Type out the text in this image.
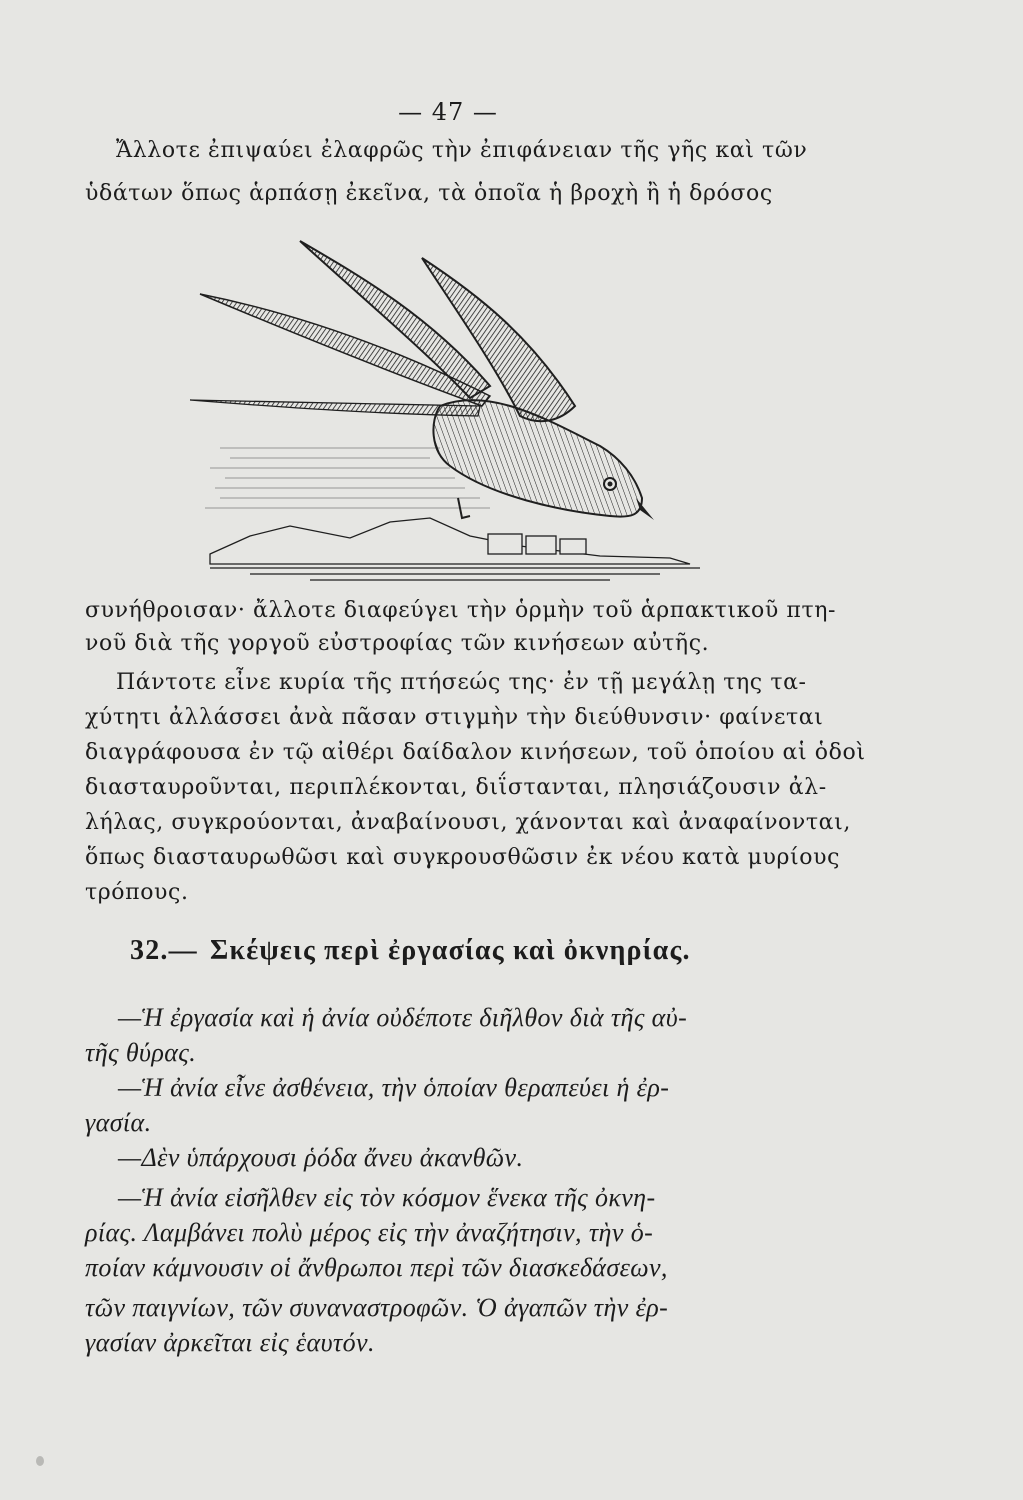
— 47 —
Ἄλλοτε ἐπιψαύει ἐλαφρῶς τὴν ἐπιφάνειαν τῆς γῆς καὶ τῶν
ὑδάτων ὅπως ἁρπάσῃ ἐκεῖνα, τὰ ὁποῖα ἡ βροχὴ ἢ ἡ δρόσος
συνήθροισαν· ἄλλοτε διαφεύγει τὴν ὁρμὴν τοῦ ἁρπακτικοῦ πτη-
νοῦ διὰ τῆς γοργοῦ εὐστροφίας τῶν κινήσεων αὐτῆς.
Πάντοτε εἶνε κυρία τῆς πτήσεώς της· ἐν τῇ μεγάλῃ της τα-
χύτητι ἀλλάσσει ἀνὰ πᾶσαν στιγμὴν τὴν διεύθυνσιν· φαίνεται
διαγράφουσα ἐν τῷ αἰθέρι δαίδαλον κινήσεων, τοῦ ὁποίου αἱ ὁδοὶ
διασταυροῦνται, περιπλέκονται, διΐστανται, πλησιάζουσιν ἀλ-
λήλας, συγκρούονται, ἀναβαίνουσι, χάνονται καὶ ἀναφαίνονται,
ὅπως διασταυρωθῶσι καὶ συγκρουσθῶσιν ἐκ νέου κατὰ μυρίους
τρόπους.
32.— Σκέψεις περὶ ἐργασίας καὶ ὀκνηρίας.
—Ἡ ἐργασία καὶ ἡ ἀνία οὐδέποτε διῆλθον διὰ τῆς αὐ-
τῆς θύρας.
—Ἡ ἀνία εἶνε ἀσθένεια, τὴν ὁποίαν θεραπεύει ἡ ἐρ-
γασία.
—Δὲν ὑπάρχουσι ῥόδα ἄνευ ἀκανθῶν.
—Ἡ ἀνία εἰσῆλθεν εἰς τὸν κόσμον ἕνεκα τῆς ὀκνη-
ρίας. Λαμβάνει πολὺ μέρος εἰς τὴν ἀναζήτησιν, τὴν ὁ-
ποίαν κάμνουσιν οἱ ἄνθρωποι περὶ τῶν διασκεδάσεων,
τῶν παιγνίων, τῶν συναναστροφῶν. Ὁ ἀγαπῶν τὴν ἐρ-
γασίαν ἀρκεῖται εἰς ἑαυτόν.
